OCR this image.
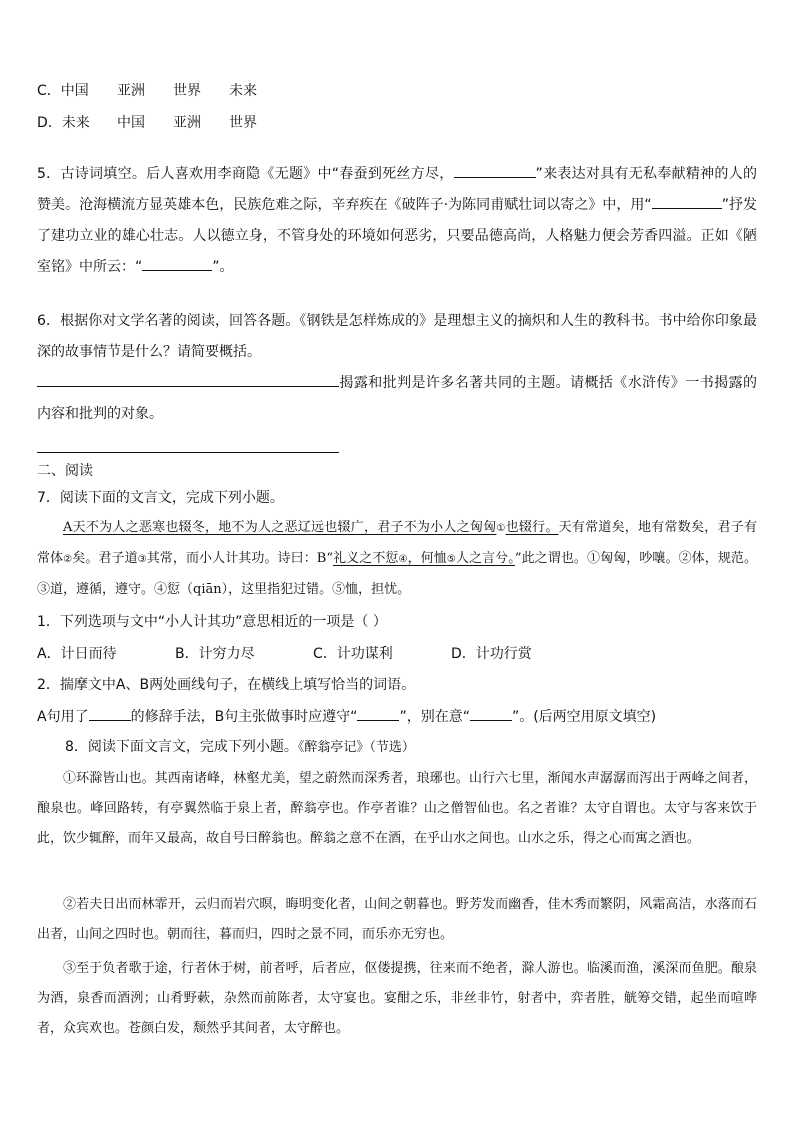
C．中国 亚洲 世界 未来
D．未来 中国 亚洲 世界

5．古诗词填空。后人喜欢用李商隐《无题》中“春蚕到死丝方尽，	”来表达对具有无私奉献精神的人的赞美。沧海横流方显英雄本色，民族危难之际，辛弃疾在《破阵子·为陈同甫赋壮词以寄之》中，用“	”抒发了建功立业的雄心壮志。人以德立身，不管身处的环境如何恶劣，只要品德高尚，人格魅力便会芳香四溢。正如《陋室铭》中所云：“	”。

6．根据你对文学名著的阅读，回答各题。《钢铁是怎样炼成的》是理想主义的摘炽和人生的教科书。书中给你印象最深的故事情节是什么？请简要概括。
揭露和批判是许多名著共同的主题。请概括《水浒传》一书揭露的内容和批判的对象。

二、阅读
7．阅读下面的文言文，完成下列小题。

A天不为人之恶寒也辍冬，地不为人之恶辽远也辍广，君子不为小人之匈匈①也辍行。天有常道矣，地有常数矣，君子有常体②矣。君子道③其常，而小人计其功。诗曰：B“礼义之不愆④，何恤⑤人之言兮。”此之谓也。①匈匈，吵嚷。②体，规范。③道，遵循，遵守。④愆（qiān），这里指犯过错。⑤恤，担忧。

1．下列选项与文中“小人计其功”意思相近的一项是（ ）
A．计日而待	B．计穷力尽	C．计功谋利	D．计功行赏
2．揣摩文中A、B两处画线句子，在横线上填写恰当的词语。
A句用了	的修辞手法，B句主张做事时应遵守“	”，别在意“	”。(后两空用原文填空)
8．阅读下面文言文，完成下列小题。《醉翁亭记》（节选）

①环滁皆山也。其西南诸峰，林壑尤美，望之蔚然而深秀者，琅琊也。山行六七里，渐闻水声潺潺而泻出于两峰之间者，酿泉也。峰回路转，有亭翼然临于泉上者，醉翁亭也。作亭者谁？山之僧智仙也。名之者谁？太守自谓也。太守与客来饮于此，饮少辄醉，而年又最高，故自号曰醉翁也。醉翁之意不在酒，在乎山水之间也。山水之乐，得之心而寓之酒也。

②若夫日出而林霏开，云归而岩穴暝，晦明变化者，山间之朝暮也。野芳发而幽香，佳木秀而繁阴，风霜高洁，水落而石出者，山间之四时也。朝而往，暮而归，四时之景不同，而乐亦无穷也。

③至于负者歌于途，行者休于树，前者呼，后者应，伛偻提携，往来而不绝者，滁人游也。临溪而渔，溪深而鱼肥。酿泉为酒，泉香而酒洌；山肴野蔌，杂然而前陈者，太守宴也。宴酣之乐，非丝非竹，射者中，弈者胜，觥筹交错，起坐而喧哗者，众宾欢也。苍颜白发，颓然乎其间者，太守醉也。
